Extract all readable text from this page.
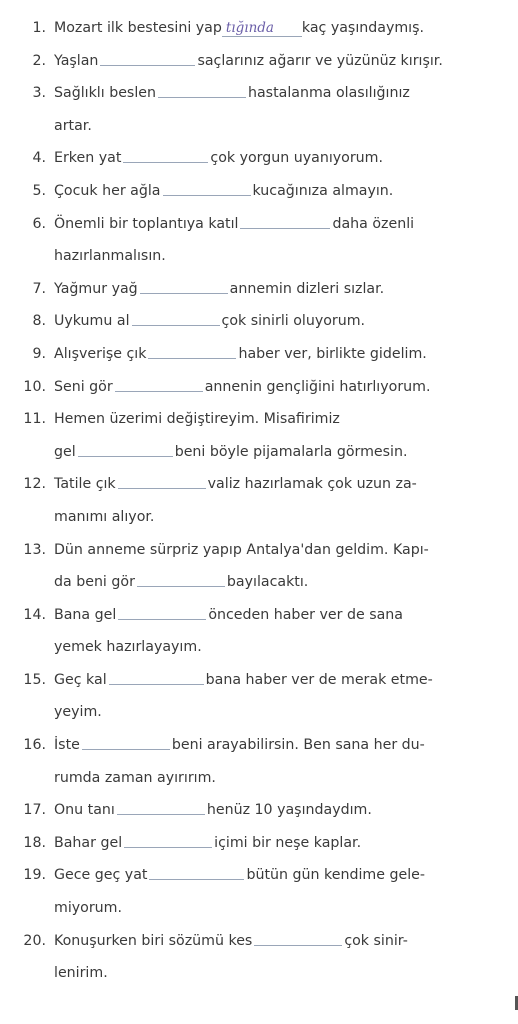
1. Mozart ilk bestesini yap tığında kaç yaşındaymış.
2. Yaşlan	saçlarınız ağarır ve yüzünüz kırışır.
3. Sağlıklı beslen	hastalanma olasılığınız
artar.
4. Erken yat	çok yorgun uyanıyorum.
5. Çocuk her ağla	kucağınıza almayın.
6. Önemli bir toplantıya katıl	daha özenli
hazırlanmalısın.
7. Yağmur yağ	annemin dizleri sızlar.
8. Uykumu al	çok sinirli oluyorum.
9. Alışverişe çık	haber ver, birlikte gidelim.
10. Seni gör	annenin gençliğini hatırlıyorum.
11. Hemen üzerimi değiştireyim. Misafirimiz
gel	beni böyle pijamalarla görmesin.
12. Tatile çık	valiz hazırlamak çok uzun za-
manımı alıyor.
13. Dün anneme sürpriz yapıp Antalya'dan geldim. Kapı-
da beni gör	bayılacaktı.
14. Bana gel	önceden haber ver de sana
yemek hazırlayayım.
15. Geç kal	bana haber ver de merak etme-
yeyim.
16. İste	beni arayabilirsin. Ben sana her du-
rumda zaman ayırırım.
17. Onu tanı	henüz 10 yaşındaydım.
18. Bahar gel	içimi bir neşe kaplar.
19. Gece geç yat	bütün gün kendime gele-
miyorum.
20. Konuşurken biri sözümü kes	çok sinir-
lenirim.
